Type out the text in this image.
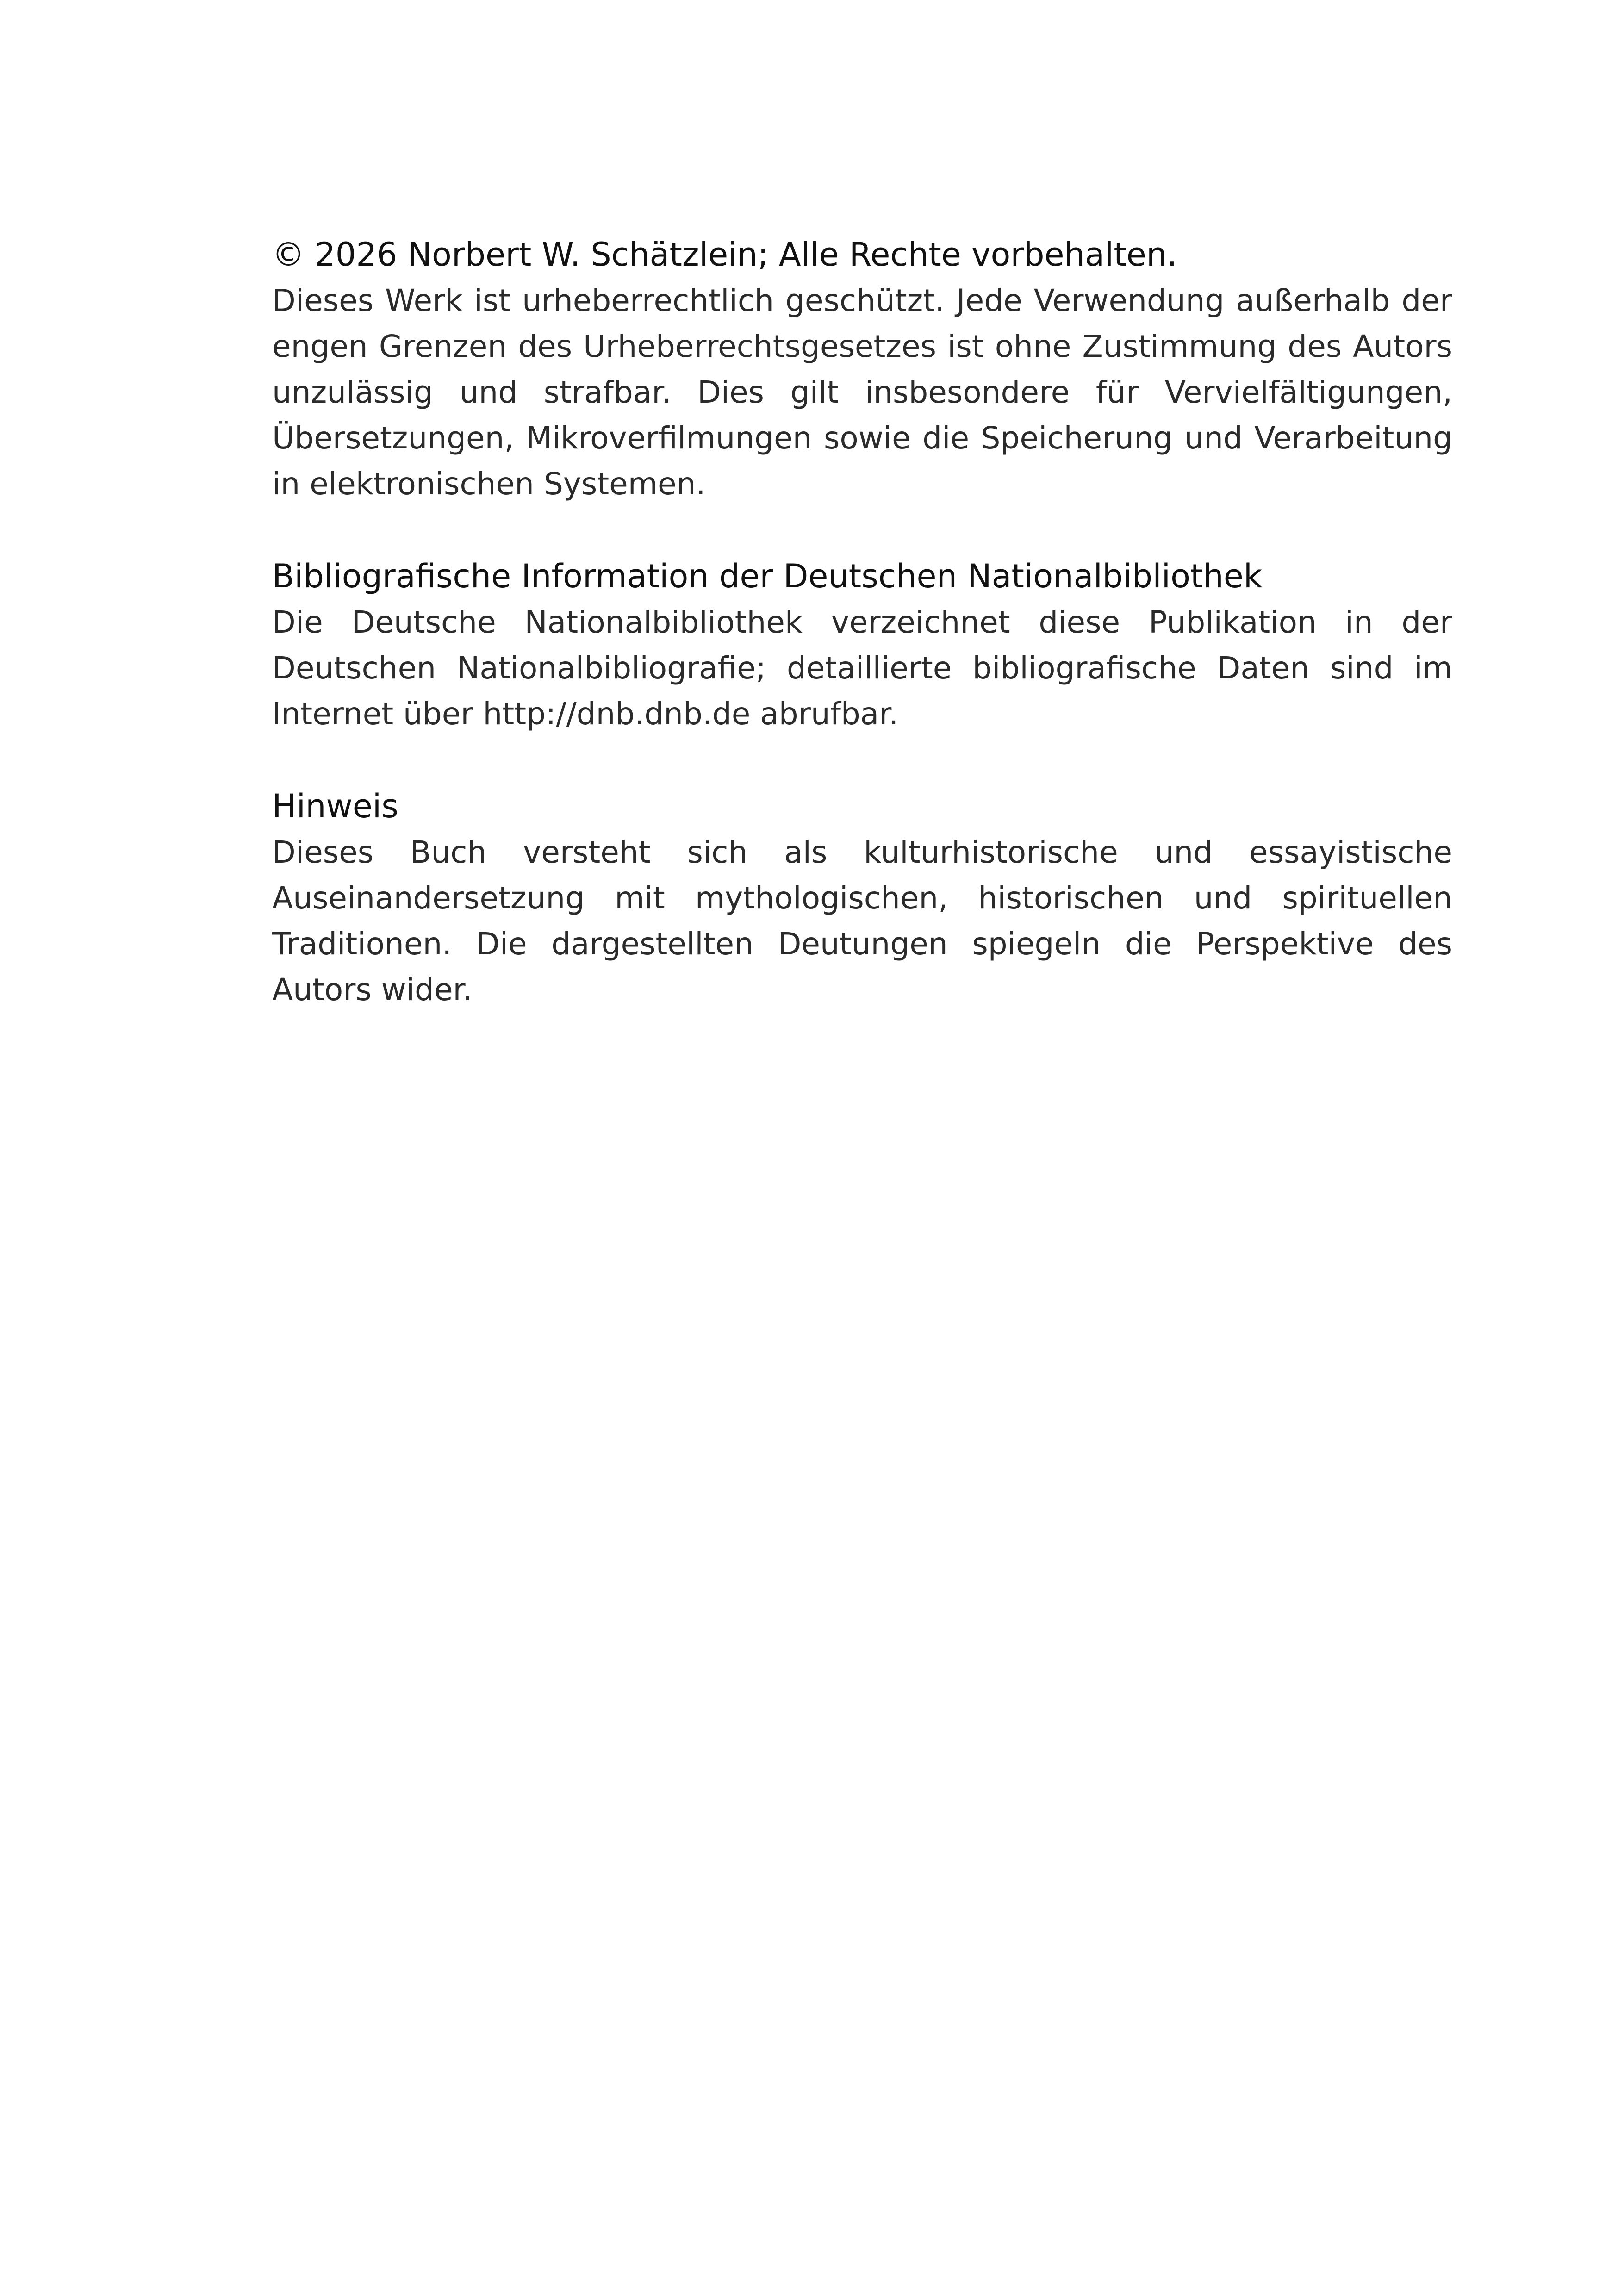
© 2026 Norbert W. Schätzlein; Alle Rechte vorbehalten.

Dieses Werk ist urheberrechtlich geschützt. Jede Verwendung außerhalb der engen Grenzen des Urheberrechtsgesetzes ist ohne Zustimmung des Autors unzulässig und strafbar. Dies gilt insbesondere für Vervielfältigungen, Übersetzungen, Mikroverfilmungen sowie die Speicherung und Verarbeitung in elektronischen Systemen.

Bibliografische Information der Deutschen Nationalbibliothek

Die Deutsche Nationalbibliothek verzeichnet diese Publikation in der Deutschen Nationalbibliografie; detaillierte bibliografische Daten sind im Internet über http://dnb.dnb.de abrufbar.

Hinweis

Dieses Buch versteht sich als kulturhistorische und essayistische Auseinandersetzung mit mythologischen, historischen und spirituellen Traditionen. Die dargestellten Deutungen spiegeln die Perspektive des Autors wider.
